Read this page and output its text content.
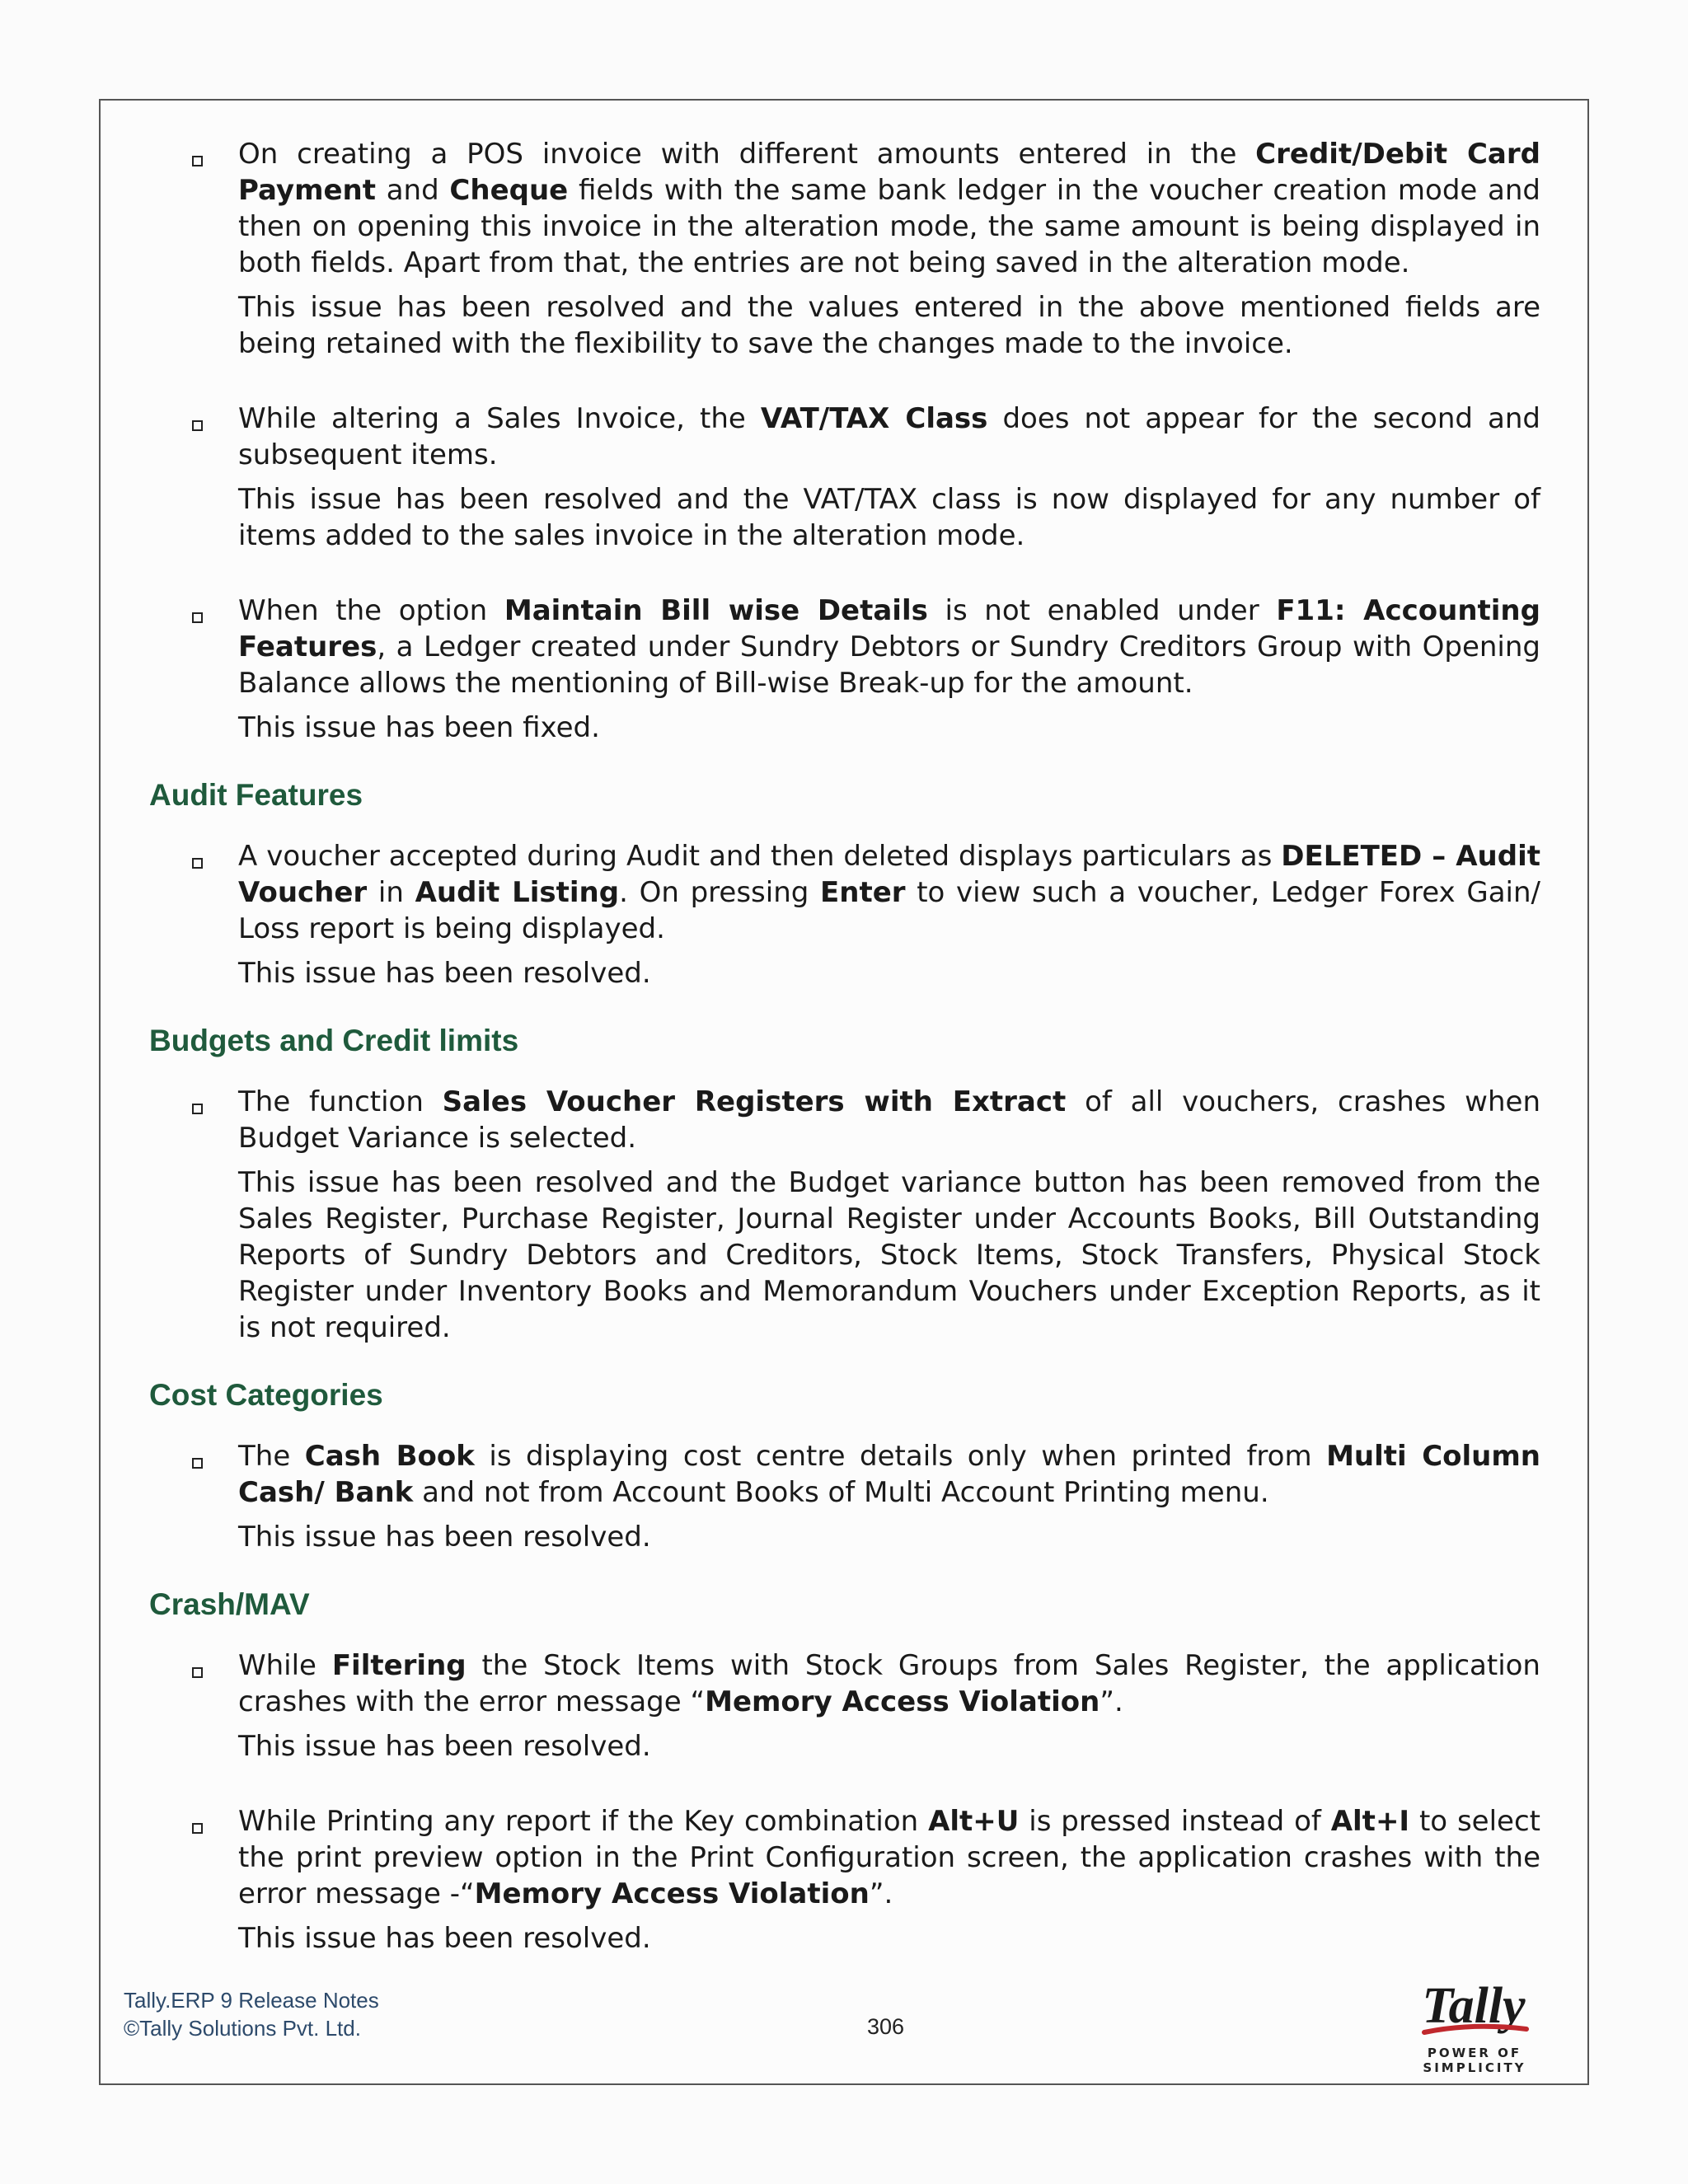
On creating a POS invoice with different amounts entered in the Credit/Debit Card Payment and Cheque fields with the same bank ledger in the voucher creation mode and then on opening this invoice in the alteration mode, the same amount is being displayed in both fields. Apart from that, the entries are not being saved in the alteration mode.

This issue has been resolved and the values entered in the above mentioned fields are being retained with the flexibility to save the changes made to the invoice.

While altering a Sales Invoice, the VAT/TAX Class does not appear for the second and subsequent items.

This issue has been resolved and the VAT/TAX class is now displayed for any number of items added to the sales invoice in the alteration mode.

When the option Maintain Bill wise Details is not enabled under F11: Accounting Features, a Ledger created under Sundry Debtors or Sundry Creditors Group with Opening Balance allows the mentioning of Bill-wise Break-up for the amount.

This issue has been fixed.

Audit Features

A voucher accepted during Audit and then deleted displays particulars as DELETED – Audit Voucher in Audit Listing. On pressing Enter to view such a voucher, Ledger Forex Gain/ Loss report is being displayed.

This issue has been resolved.

Budgets and Credit limits

The function Sales Voucher Registers with Extract of all vouchers, crashes when Budget Variance is selected.

This issue has been resolved and the Budget variance button has been removed from the Sales Register, Purchase Register, Journal Register under Accounts Books, Bill Outstanding Reports of Sundry Debtors and Creditors, Stock Items, Stock Transfers, Physical Stock Register under Inventory Books and Memorandum Vouchers under Exception Reports, as it is not required.

Cost Categories

The Cash Book is displaying cost centre details only when printed from Multi Column Cash/ Bank and not from Account Books of Multi Account Printing menu.

This issue has been resolved.

Crash/MAV

While Filtering the Stock Items with Stock Groups from Sales Register, the application crashes with the error message “Memory Access Violation”.

This issue has been resolved.

While Printing any report if the Key combination Alt+U is pressed instead of Alt+I to select the print preview option in the Print Configuration screen, the application crashes with the error message -“Memory Access Violation”.

This issue has been resolved.

Tally.ERP 9 Release Notes
©Tally Solutions Pvt. Ltd.	306	Tally
POWER OF SIMPLICITY
